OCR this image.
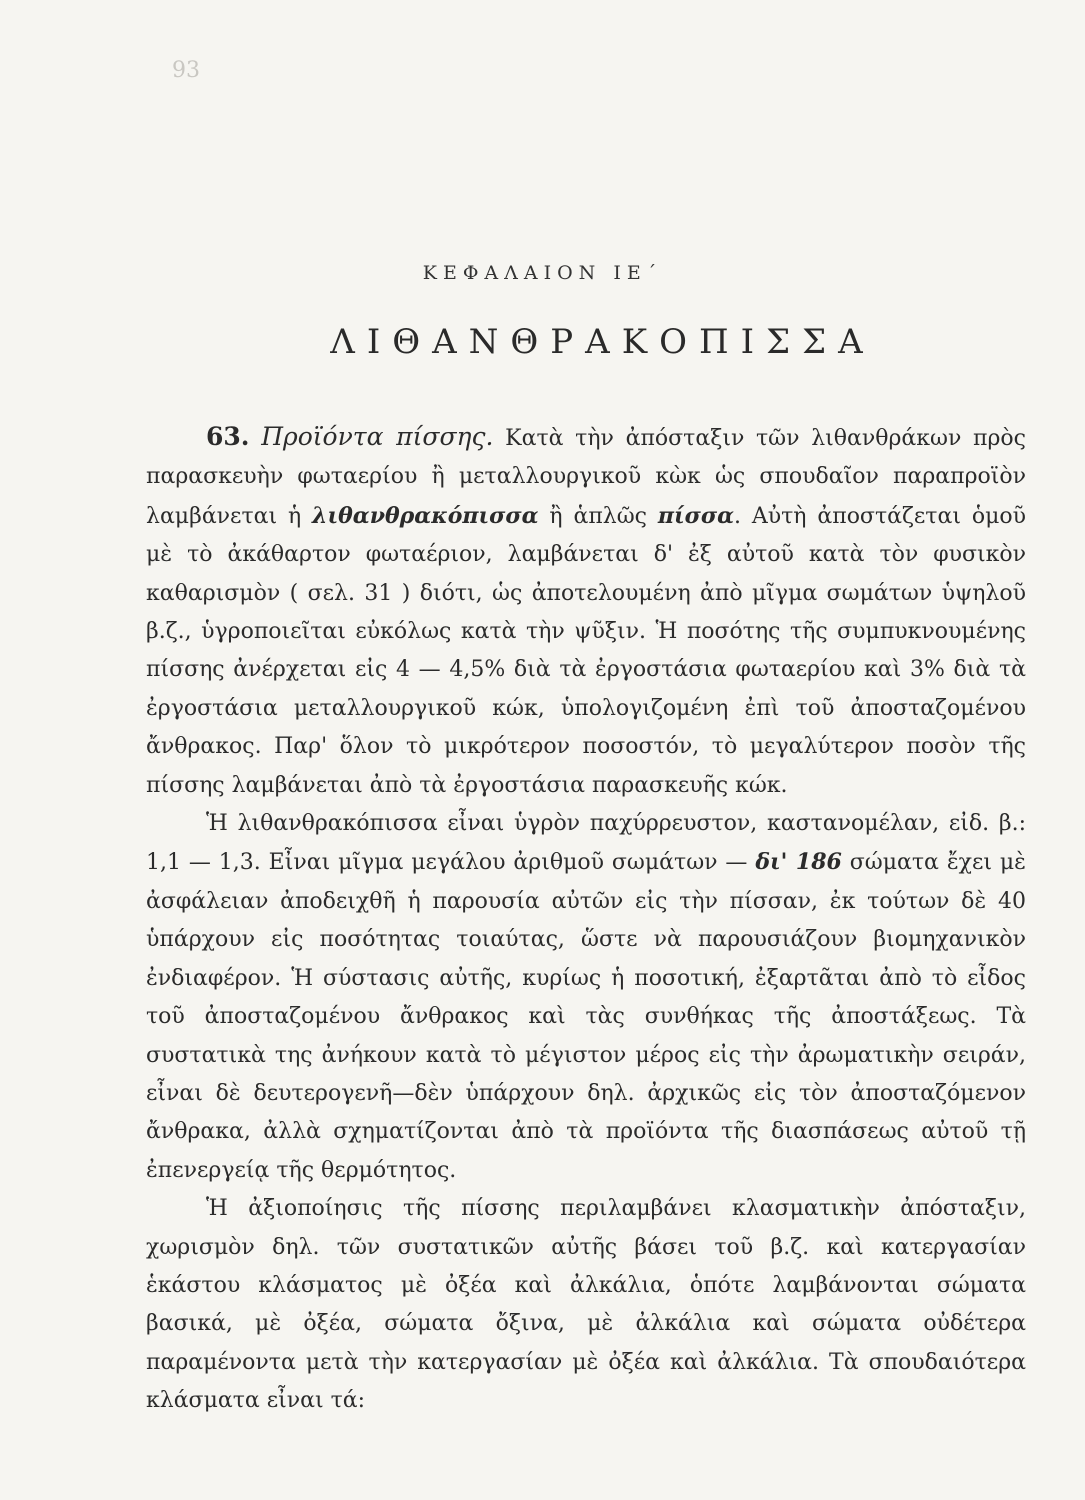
93
ΚΕΦΑΛΑΙΟΝ ΙΕ΄
ΛΙΘΑΝΘΡΑΚΟΠΙΣΣΑ

63. Προϊόντα πίσσης. Κατὰ τὴν ἀπόσταξιν τῶν λιθανθράκων πρὸς παρασκευὴν φωταερίου ἢ μεταλλουργικοῦ κὼκ ὡς σπουδαῖον παραπροϊὸν λαμβάνεται ἡ λιθανθρακόπισσα ἢ ἁπλῶς πίσσα. Αὐτὴ ἀποστάζεται ὁμοῦ μὲ τὸ ἀκάθαρτον φωταέριον, λαμβάνεται δ' ἐξ αὐτοῦ κατὰ τὸν φυσικὸν καθαρισμὸν ( σελ. 31 ) διότι, ὡς ἀποτελουμένη ἀπὸ μῖγμα σωμάτων ὑψηλοῦ β.ζ., ὑγροποιεῖται εὐκόλως κατὰ τὴν ψῦξιν. Ἡ ποσότης τῆς συμπυκνουμένης πίσσης ἀνέρχεται εἰς 4 — 4,5% διὰ τὰ ἐργοστάσια φωταερίου καὶ 3% διὰ τὰ ἐργοστάσια μεταλλουργικοῦ κώκ, ὑπολογιζομένη ἐπὶ τοῦ ἀποσταζομένου ἄνθρακος. Παρ' ὅλον τὸ μικρότερον ποσοστόν, τὸ μεγαλύτερον ποσὸν τῆς πίσσης λαμβάνεται ἀπὸ τὰ ἐργοστάσια παρασκευῆς κώκ.

Ἡ λιθανθρακόπισσα εἶναι ὑγρὸν παχύρρευστον, καστανομέλαν, εἰδ. β.: 1,1 — 1,3. Εἶναι μῖγμα μεγάλου ἀριθμοῦ σωμάτων — δι' 186 σώματα ἔχει μὲ ἀσφάλειαν ἀποδειχθῆ ἡ παρουσία αὐτῶν εἰς τὴν πίσσαν, ἐκ τούτων δὲ 40 ὑπάρχουν εἰς ποσότητας τοιαύτας, ὥστε νὰ παρουσιάζουν βιομηχανικὸν ἐνδιαφέρον. Ἡ σύστασις αὐτῆς, κυρίως ἡ ποσοτική, ἐξαρτᾶται ἀπὸ τὸ εἶδος τοῦ ἀποσταζομένου ἄνθρακος καὶ τὰς συνθήκας τῆς ἀποστάξεως. Τὰ συστατικὰ της ἀνήκουν κατὰ τὸ μέγιστον μέρος εἰς τὴν ἀρωματικὴν σειράν, εἶναι δὲ δευτερογενῆ—δὲν ὑπάρχουν δηλ. ἀρχικῶς εἰς τὸν ἀποσταζόμενον ἄνθρακα, ἀλλὰ σχηματίζονται ἀπὸ τὰ προϊόντα τῆς διασπάσεως αὐτοῦ τῇ ἐπενεργείᾳ τῆς θερμότητος.

Ἡ ἀξιοποίησις τῆς πίσσης περιλαμβάνει κλασματικὴν ἀπόσταξιν, χωρισμὸν δηλ. τῶν συστατικῶν αὐτῆς βάσει τοῦ β.ζ. καὶ κατεργασίαν ἑκάστου κλάσματος μὲ ὀξέα καὶ ἀλκάλια, ὁπότε λαμβάνονται σώματα βασικά, μὲ ὀξέα, σώματα ὄξινα, μὲ ἀλκάλια καὶ σώματα οὐδέτερα παραμένοντα μετὰ τὴν κατεργασίαν μὲ ὀξέα καὶ ἀλκάλια. Τὰ σπουδαιότερα κλάσματα εἶναι τά:
